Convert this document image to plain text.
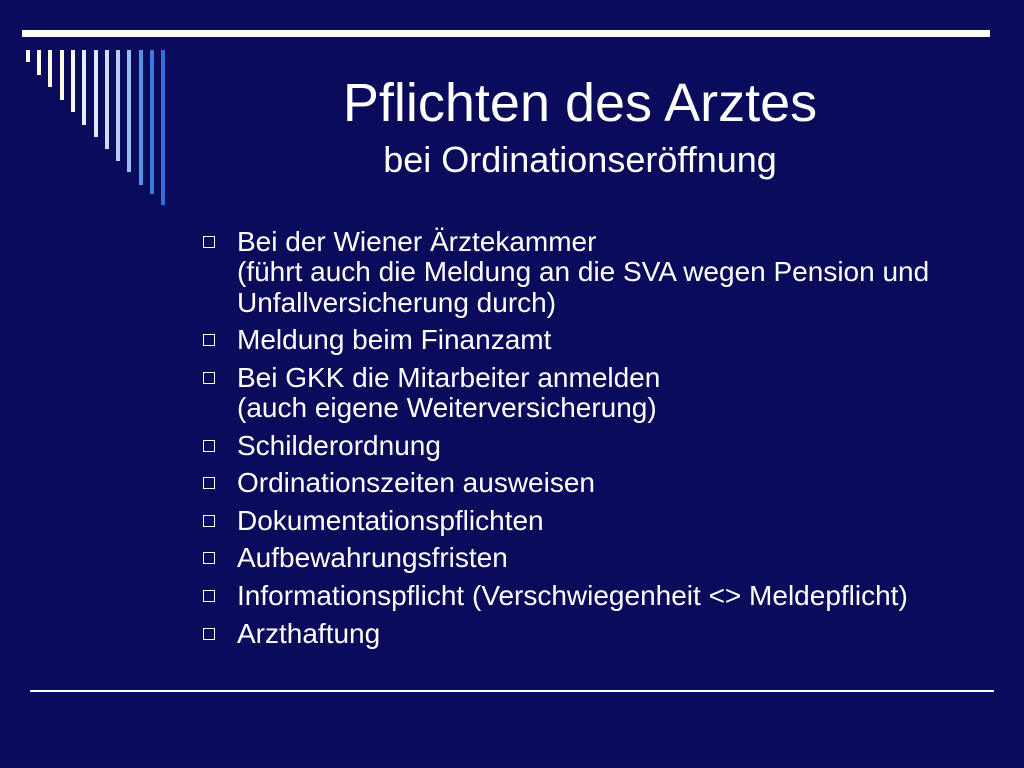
Pflichten des Arztes
bei Ordinationseröffnung
Bei der Wiener Ärztekammer
(führt auch die Meldung an die SVA wegen Pension und
Unfallversicherung durch)
Meldung beim Finanzamt
Bei GKK die Mitarbeiter anmelden
(auch eigene Weiterversicherung)
Schilderordnung
Ordinationszeiten ausweisen
Dokumentationspflichten
Aufbewahrungsfristen
Informationspflicht (Verschwiegenheit <> Meldepflicht)
Arzthaftung
